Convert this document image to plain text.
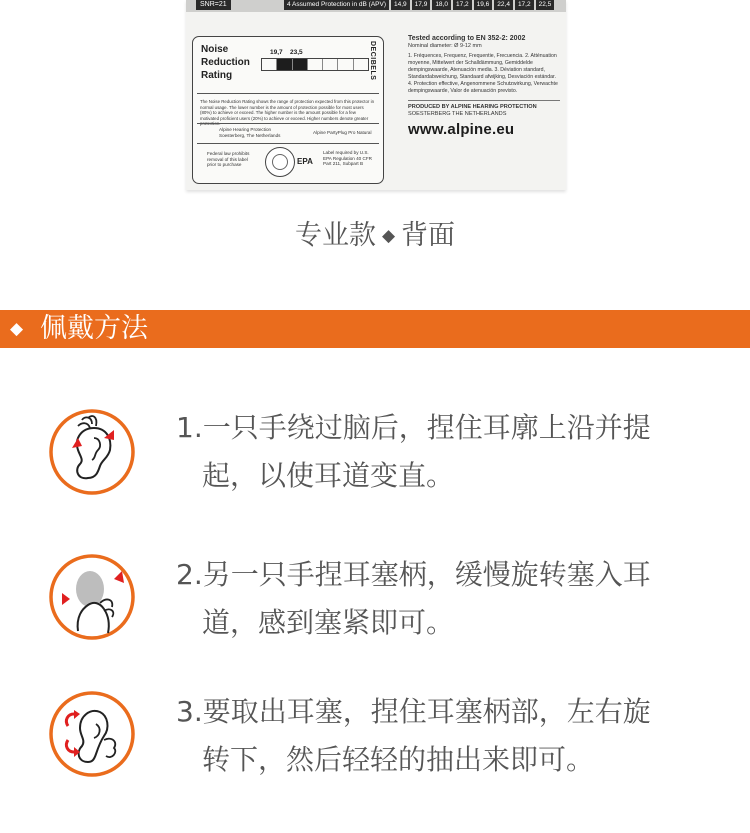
SNR=21	4 Assumed Protection in dB (APV)	14,9	17,9	18,0	17,2	19,6	22,4	17,2	22,5

Noise
Reduction
Rating

19,7 23,5	DECIBELS

The Noise Reduction Rating shows the range of protection expected from this protector in normal usage. The lower number is the amount of protection possible for most users (80%) to achieve or exceed. The higher number is the amount possible for a few motivated proficient users (20%) to achieve or exceed. Higher numbers denote greater protection.

Alpine Hearing Protection
Soesterberg, The Netherlands
Alpine PartyPlug Pro Natural
Federal law prohibits removal of this label prior to purchase	EPA
Label required by U.S. EPA Regulation 40 CFR Part 211, Subpart B

Tested according to EN 352-2: 2002

Nominal diameter: Ø 9-12 mm

1. Fréquences, Frequenz, Frequentie, Frecuencia. 2. Atténuation moyenne, Mittelwert der Schalldämmung, Gemiddelde dempingswaarde, Atenuación media. 3. Déviation standard, Standardabweichung, Standaard afwijking, Desviación estándar. 4. Protection effective, Angenommene Schutzwirkung, Verwachte dempingswaarde, Valor de atenuación previsto.

PRODUCED BY ALPINE HEARING PROTECTION

SOESTERBERG THE NETHERLANDS

www.alpine.eu

专业款 ◆ 背面
◆ 佩戴方法

1.一只手绕过脑后，捏住耳廓上沿并提
起，以使耳道变直。

2.另一只手捏耳塞柄，缓慢旋转塞入耳
道，感到塞紧即可。

3.要取出耳塞，捏住耳塞柄部，左右旋
转下，然后轻轻的抽出来即可。
